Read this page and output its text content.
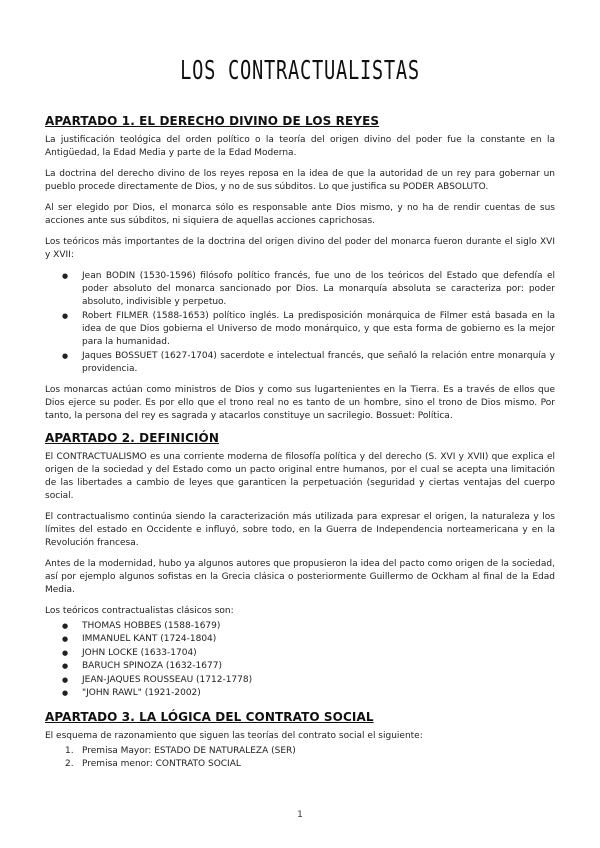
LOS CONTRACTUALISTAS
APARTADO 1. EL DERECHO DIVINO DE LOS REYES

La justificación teológica del orden político o la teoría del origen divino del poder fue la constante en la Antigüedad, la Edad Media y parte de la Edad Moderna.

La doctrina del derecho divino de los reyes reposa en la idea de que la autoridad de un rey para gobernar un pueblo procede directamente de Dios, y no de sus súbditos. Lo que justifica su PODER ABSOLUTO.

Al ser elegido por Dios, el monarca sólo es responsable ante Dios mismo, y no ha de rendir cuentas de sus acciones ante sus súbditos, ni siquiera de aquellas acciones caprichosas.

Los teóricos más importantes de la doctrina del origen divino del poder del monarca fueron durante el siglo XVI y XVII:

● Jean BODIN (1530-1596) filósofo político francés, fue uno de los teóricos del Estado que defendía el poder absoluto del monarca sancionado por Dios. La monarquía absoluta se caracteriza por: poder absoluto, indivisible y perpetuo.
● Robert FILMER (1588-1653) político inglés. La predisposición monárquica de Filmer está basada en la idea de que Dios gobierna el Universo de modo monárquico, y que esta forma de gobierno es la mejor para la humanidad.
● Jaques BOSSUET (1627-1704) sacerdote e intelectual francés, que señaló la relación entre monarquía y providencia.

Los monarcas actúan como ministros de Dios y como sus lugartenientes en la Tierra. Es a través de ellos que Dios ejerce su poder. Es por ello que el trono real no es tanto de un hombre, sino el trono de Dios mismo. Por tanto, la persona del rey es sagrada y atacarlos constituye un sacrilegio. Bossuet: Política.

APARTADO 2. DEFINICIÓN

El CONTRACTUALISMO es una corriente moderna de filosofía política y del derecho (S. XVI y XVII) que explica el origen de la sociedad y del Estado como un pacto original entre humanos, por el cual se acepta una limitación de las libertades a cambio de leyes que garanticen la perpetuación (seguridad y ciertas ventajas del cuerpo social.

El contractualismo continúa siendo la caracterización más utilizada para expresar el origen, la naturaleza y los límites del estado en Occidente e influyó, sobre todo, en la Guerra de Independencia norteamericana y en la Revolución francesa.

Antes de la modernidad, hubo ya algunos autores que propusieron la idea del pacto como origen de la sociedad, así por ejemplo algunos sofistas en la Grecia clásica o posteriormente Guillermo de Ockham al final de la Edad Media.

Los teóricos contractualistas clásicos son:

● THOMAS HOBBES (1588-1679)
● IMMANUEL KANT (1724-1804)
● JOHN LOCKE (1633-1704)
● BARUCH SPINOZA (1632-1677)
● JEAN-JAQUES ROUSSEAU (1712-1778)
● "JOHN RAWL" (1921-2002)
APARTADO 3. LA LÓGICA DEL CONTRATO SOCIAL

El esquema de razonamiento que siguen las teorías del contrato social el siguiente:

1. Premisa Mayor: ESTADO DE NATURALEZA (SER)
2. Premisa menor: CONTRATO SOCIAL
1
